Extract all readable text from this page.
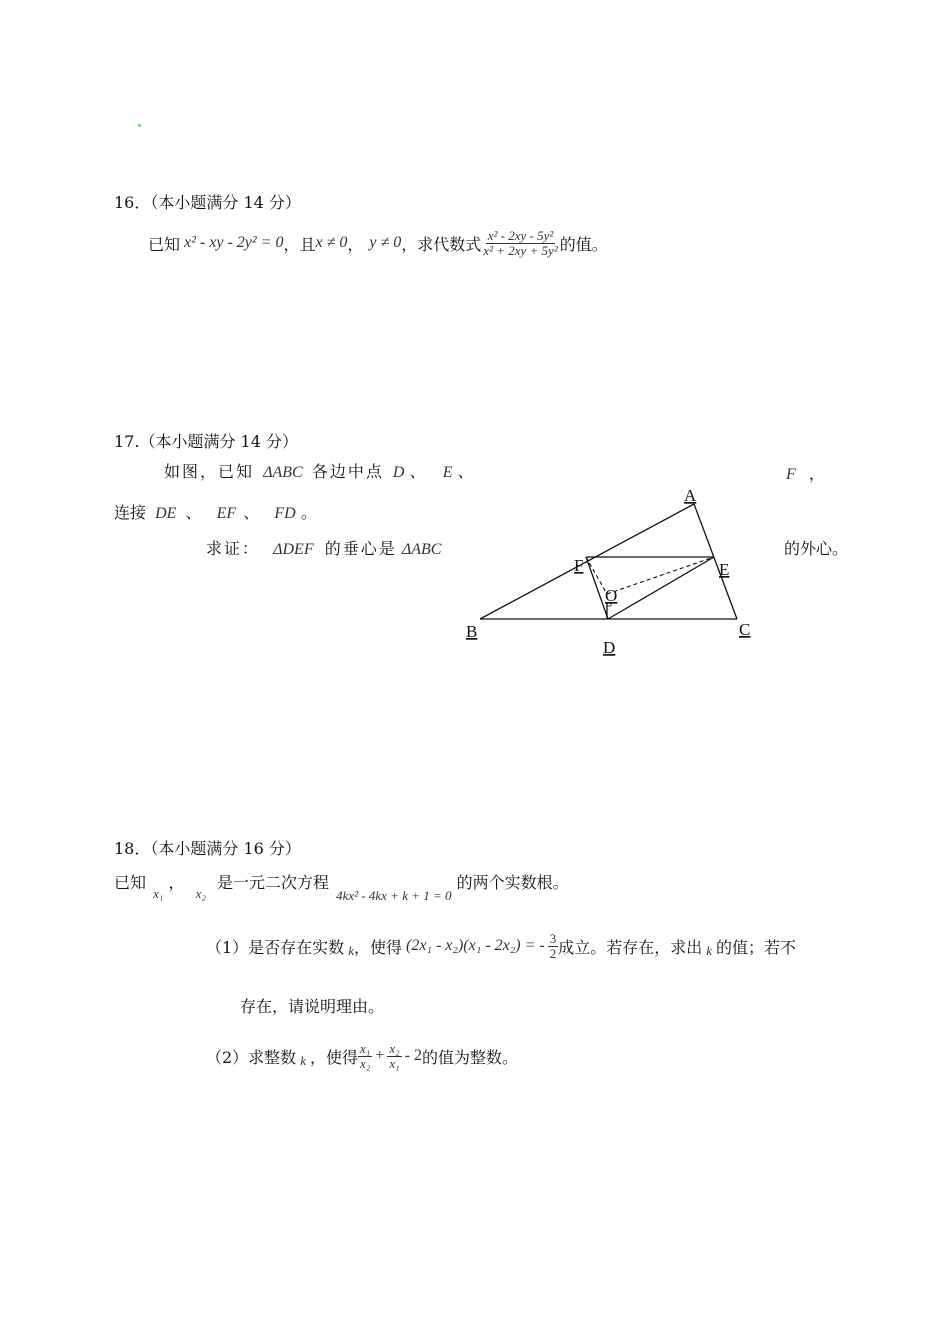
16．（本小题满分 14 分）
已知 x² - xy - 2y² = 0 ，且 x ≠ 0 ， y ≠ 0 ，求代数式 $\frac{\text{x² - 2xy - 5y²}}{\text{x² + 2xy + 5y²}}$ 的值。
17.（本小题满分 14 分）
如图，已知 ΔABC 各边中点 D 、 E 、	F ，
连接 DE 、 EF 、 FD 。
求证： ΔDEF 的垂心是 ΔABC	的外心。
A
B	C
D
E
F
O
18．（本小题满分 16 分）
已知 $_{x_1}$ ， $_{x_2}$ 是一元二次方程 $_{4kx^2 - 4kx + k + 1 = 0}$ 的两个实数根。
（1）是否存在实数 k ，使得 (2x₁ - x₂)(x₁ - 2x₂) = - $\frac{3}{2}$ 成立。若存在，求出 k 的值；若不
存在，请说明理由。
（2）求整数 k ，使得 $\frac{\text{x₁}}{\text{x₂}} + \frac{\text{x₂}}{\text{x₁}} - 2$ 的值为整数。
